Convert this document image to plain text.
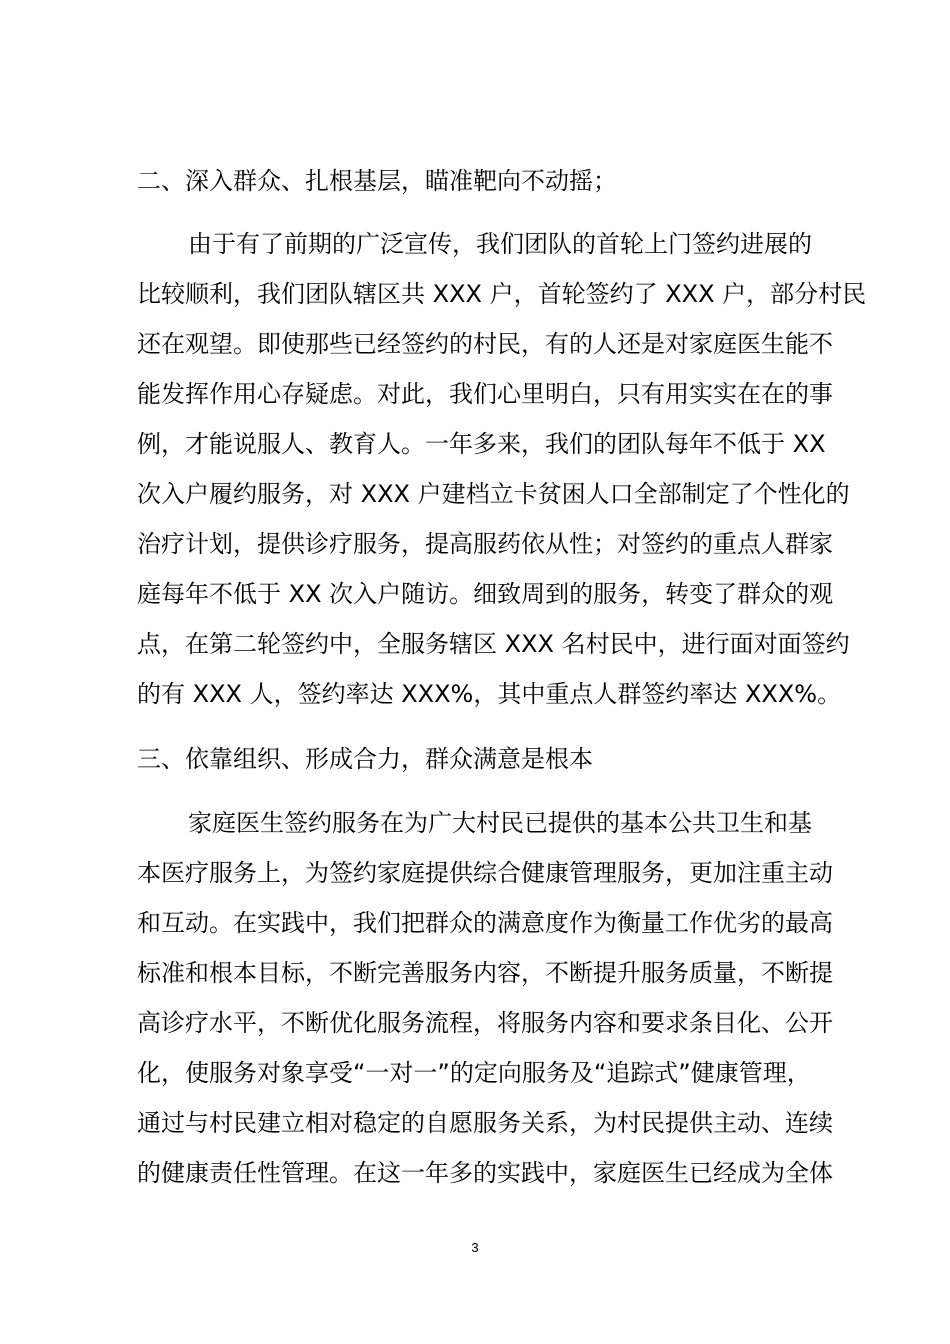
二、深入群众、扎根基层，瞄准靶向不动摇；
由于有了前期的广泛宣传，我们团队的首轮上门签约进展的
比较顺利，我们团队辖区共 XXX 户，首轮签约了 XXX 户，部分村民
还在观望。即使那些已经签约的村民，有的人还是对家庭医生能不
能发挥作用心存疑虑。对此，我们心里明白，只有用实实在在的事
例，才能说服人、教育人。一年多来，我们的团队每年不低于 XX
次入户履约服务，对 XXX 户建档立卡贫困人口全部制定了个性化的
治疗计划，提供诊疗服务，提高服药依从性；对签约的重点人群家
庭每年不低于 XX 次入户随访。细致周到的服务，转变了群众的观
点，在第二轮签约中，全服务辖区 XXX 名村民中，进行面对面签约
的有 XXX 人，签约率达 XXX%，其中重点人群签约率达 XXX%。
三、依靠组织、形成合力，群众满意是根本
家庭医生签约服务在为广大村民已提供的基本公共卫生和基
本医疗服务上，为签约家庭提供综合健康管理服务，更加注重主动
和互动。在实践中，我们把群众的满意度作为衡量工作优劣的最高
标准和根本目标，不断完善服务内容，不断提升服务质量，不断提
高诊疗水平，不断优化服务流程，将服务内容和要求条目化、公开
化，使服务对象享受“一对一”的定向服务及“追踪式”健康管理，
通过与村民建立相对稳定的自愿服务关系，为村民提供主动、连续
的健康责任性管理。在这一年多的实践中，家庭医生已经成为全体
3
